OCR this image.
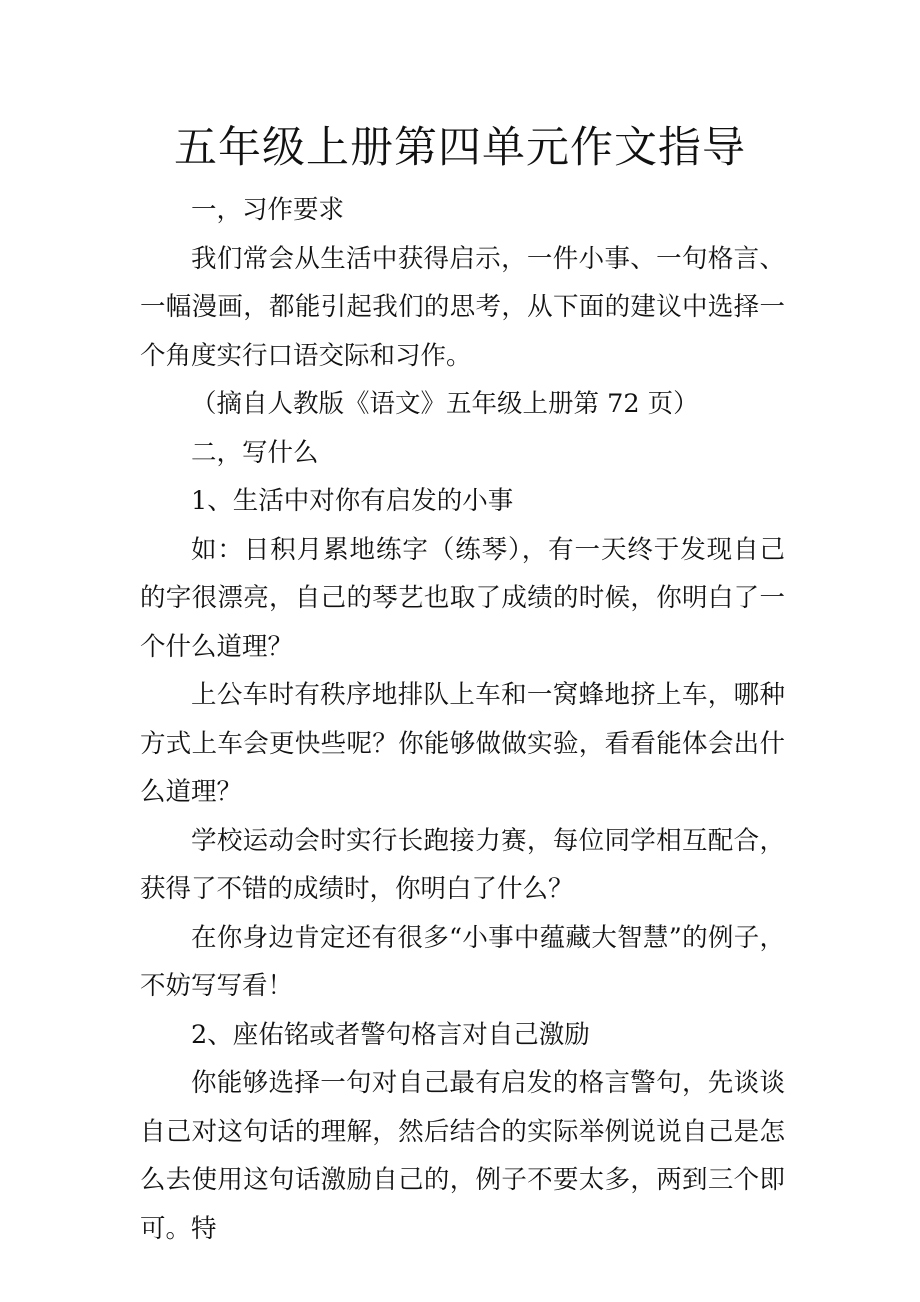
五年级上册第四单元作文指导

一，习作要求

我们常会从生活中获得启示，一件小事、一句格言、一幅漫画，都能引起我们的思考，从下面的建议中选择一个角度实行口语交际和习作。

（摘自人教版《语文》五年级上册第 72 页）

二，写什么

1、生活中对你有启发的小事

如：日积月累地练字（练琴），有一天终于发现自己的字很漂亮，自己的琴艺也取了成绩的时候，你明白了一个什么道理？

上公车时有秩序地排队上车和一窝蜂地挤上车，哪种方式上车会更快些呢？你能够做做实验，看看能体会出什么道理？

学校运动会时实行长跑接力赛，每位同学相互配合，获得了不错的成绩时，你明白了什么？

在你身边肯定还有很多“小事中蕴藏大智慧”的例子，不妨写写看！

2、座佑铭或者警句格言对自己激励

你能够选择一句对自己最有启发的格言警句，先谈谈自己对这句话的理解，然后结合的实际举例说说自己是怎么去使用这句话激励自己的，例子不要太多，两到三个即可。特
